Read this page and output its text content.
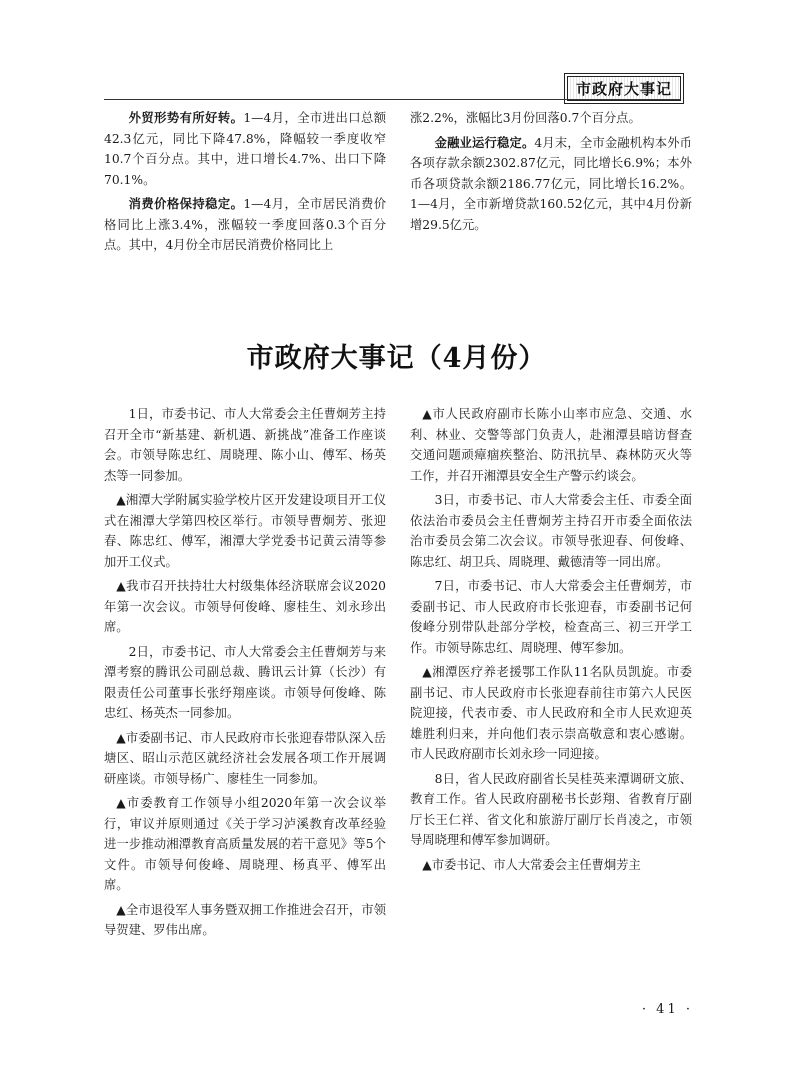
市政府大事记

外贸形势有所好转。1—4月，全市进出口总额42.3亿元，同比下降47.8%，降幅较一季度收窄10.7个百分点。其中，进口增长4.7%、出口下降70.1%。

消费价格保持稳定。1—4月，全市居民消费价格同比上涨3.4%，涨幅较一季度回落0.3个百分点。其中，4月份全市居民消费价格同比上

涨2.2%，涨幅比3月份回落0.7个百分点。

金融业运行稳定。4月末，全市金融机构本外币各项存款余额2302.87亿元，同比增长6.9%；本外币各项贷款余额2186.77亿元，同比增长16.2%。1—4月，全市新增贷款160.52亿元，其中4月份新增29.5亿元。

市政府大事记（4月份）

1日，市委书记、市人大常委会主任曹炯芳主持召开全市“新基建、新机遇、新挑战”准备工作座谈会。市领导陈忠红、周晓理、陈小山、傅军、杨英杰等一同参加。

▲湘潭大学附属实验学校片区开发建设项目开工仪式在湘潭大学第四校区举行。市领导曹炯芳、张迎春、陈忠红、傅军，湘潭大学党委书记黄云清等参加开工仪式。

▲我市召开扶持壮大村级集体经济联席会议2020年第一次会议。市领导何俊峰、廖桂生、刘永珍出席。

2日，市委书记、市人大常委会主任曹炯芳与来潭考察的腾讯公司副总裁、腾讯云计算（长沙）有限责任公司董事长张纾翔座谈。市领导何俊峰、陈忠红、杨英杰一同参加。

▲市委副书记、市人民政府市长张迎春带队深入岳塘区、昭山示范区就经济社会发展各项工作开展调研座谈。市领导杨广、廖桂生一同参加。

▲市委教育工作领导小组2020年第一次会议举行，审议并原则通过《关于学习泸溪教育改革经验进一步推动湘潭教育高质量发展的若干意见》等5个文件。市领导何俊峰、周晓理、杨真平、傅军出席。

▲全市退役军人事务暨双拥工作推进会召开，市领导贺建、罗伟出席。

▲市人民政府副市长陈小山率市应急、交通、水利、林业、交警等部门负责人，赴湘潭县暗访督查交通问题顽瘴痼疾整治、防汛抗旱、森林防灭火等工作，并召开湘潭县安全生产警示约谈会。

3日，市委书记、市人大常委会主任、市委全面依法治市委员会主任曹炯芳主持召开市委全面依法治市委员会第二次会议。市领导张迎春、何俊峰、陈忠红、胡卫兵、周晓理、戴德清等一同出席。

7日，市委书记、市人大常委会主任曹炯芳，市委副书记、市人民政府市长张迎春，市委副书记何俊峰分别带队赴部分学校，检查高三、初三开学工作。市领导陈忠红、周晓理、傅军参加。

▲湘潭医疗养老援鄂工作队11名队员凯旋。市委副书记、市人民政府市长张迎春前往市第六人民医院迎接，代表市委、市人民政府和全市人民欢迎英雄胜利归来，并向他们表示崇高敬意和衷心感谢。市人民政府副市长刘永珍一同迎接。

8日，省人民政府副省长吴桂英来潭调研文旅、教育工作。省人民政府副秘书长彭翔、省教育厅副厅长王仁祥、省文化和旅游厅副厅长肖凌之，市领导周晓理和傅军参加调研。

▲市委书记、市人大常委会主任曹炯芳主

· 41 ·
